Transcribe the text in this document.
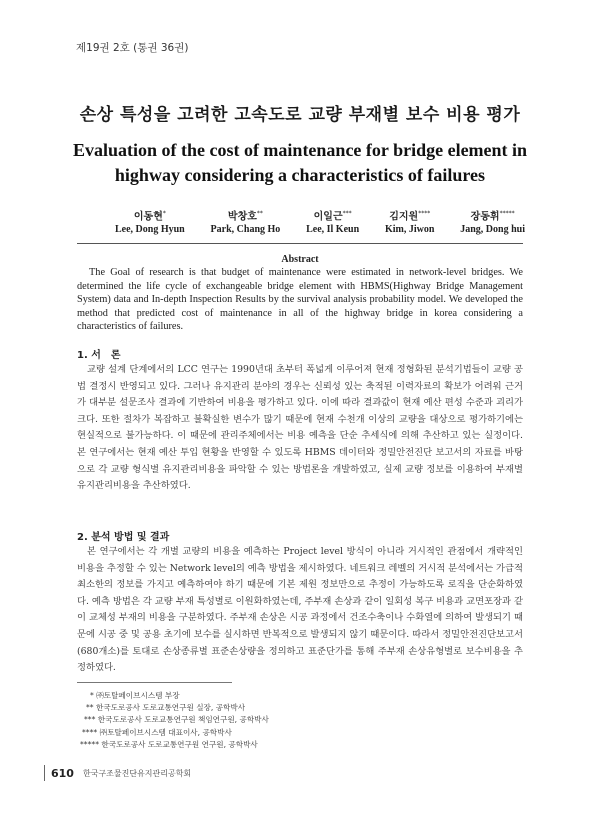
제19권 2호 (통권 36권)
손상 특성을 고려한 고속도로 교량 부재별 보수 비용 평가
Evaluation of the cost of maintenance for bridge element in
highway considering a characteristics of failures
이동현*
Lee, Dong Hyun
박창호**
Park, Chang Ho
이일근***
Lee, Il Keun
김지원****
Kim, Jiwon
장동휘*****
Jang, Dong hui
Abstract
The Goal of research is that budget of maintenance were estimated in network-level bridges. We determined the life cycle of exchangeable bridge element with HBMS(Highway Bridge Management System) data and In-depth Inspection Results by the survival analysis probability model. We developed the method that predicted cost of maintenance in all of the highway bridge in korea considering a characteristics of failures.
1. 서　론
교량 설계 단계에서의 LCC 연구는 1990년대 초부터 폭넓게 이루어져 현재 정형화된 분석기법들이 교량 공법 결정시 반영되고 있다. 그러나 유지관리 분야의 경우는 신뢰성 있는 축적된 이력자료의 확보가 어려워 근거가 대부분 설문조사 결과에 기반하여 비용을 평가하고 있다. 이에 따라 결과값이 현재 예산 편성 수준과 괴리가 크다. 또한 절차가 복잡하고 불확실한 변수가 많기 때문에 현재 수천개 이상의 교량을 대상으로 평가하기에는 현실적으로 불가능하다. 이 때문에 관리주체에서는 비용 예측을 단순 추세식에 의해 추산하고 있는 실정이다. 본 연구에서는 현재 예산 투입 현황을 반영할 수 있도록 HBMS 데이터와 정밀안전진단 보고서의 자료를 바탕으로 각 교량 형식별 유지관리비용을 파악할 수 있는 방법론을 개발하였고, 실제 교량 정보를 이용하여 부재별 유지관리비용을 추산하였다.
2. 분석 방법 및 결과
본 연구에서는 각 개별 교량의 비용을 예측하는 Project level 방식이 아니라 거시적인 관점에서 개략적인 비용을 추정할 수 있는 Network level의 예측 방법을 제시하였다. 네트워크 레벨의 거시적 분석에서는 가급적 최소한의 정보를 가지고 예측하여야 하기 때문에 기본 제원 정보만으로 추정이 가능하도록 로직을 단순화하였다. 예측 방법은 각 교량 부재 특성별로 이원화하였는데, 주부재 손상과 같이 일회성 복구 비용과 교면포장과 같이 교체성 부재의 비용을 구분하였다. 주부재 손상은 시공 과정에서 건조수축이나 수화열에 의하여 발생되기 때문에 시공 중 및 공용 초기에 보수를 실시하면 반복적으로 발생되지 않기 때문이다. 따라서 정밀안전진단보고서(680개소)를 토대로 손상종류별 표준손상량을 정의하고 표준단가를 통해 주부재 손상유형별로 보수비용을 추정하였다.
* ㈜토탈페이브시스템 부장
** 한국도로공사 도로교통연구원 실장, 공학박사
*** 한국도로공사 도로교통연구원 책임연구원, 공학박사
**** ㈜토탈페이브시스템 대표이사, 공학박사
***** 한국도로공사 도로교통연구원 연구원, 공학박사
610 한국구조물진단유지관리공학회
